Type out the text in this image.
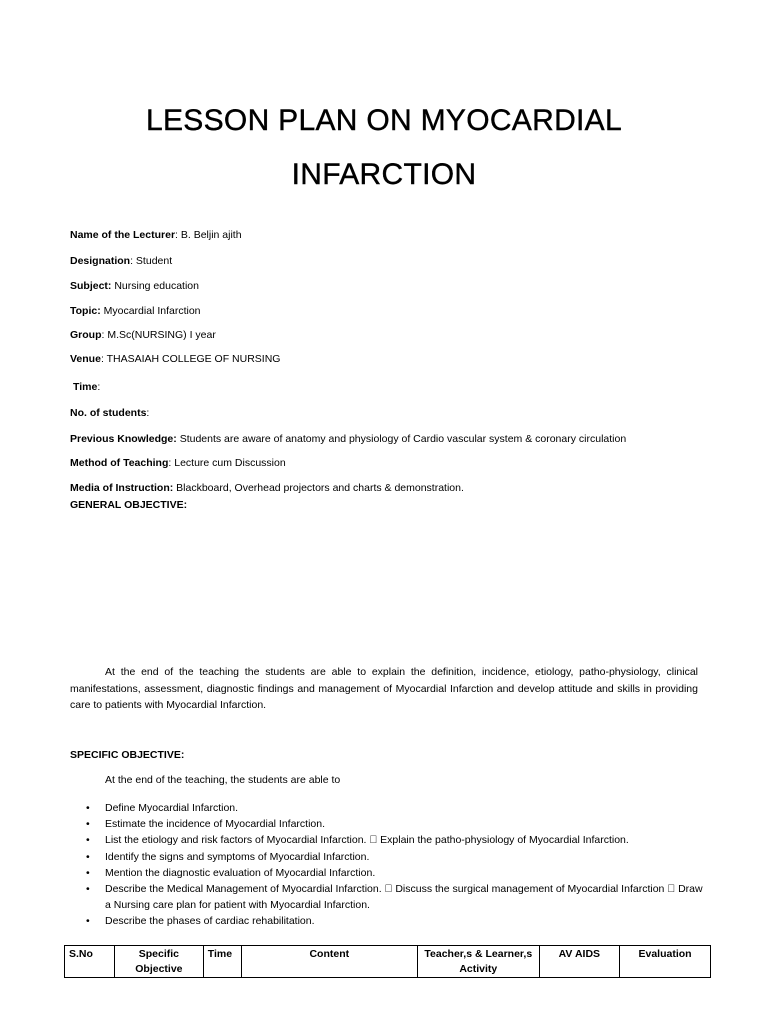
LESSON PLAN ON MYOCARDIAL
INFARCTION
Name of the Lecturer: B. Beljin ajith
Designation: Student
Subject: Nursing education
Topic: Myocardial Infarction
Group: M.Sc(NURSING) I year
Venue: THASAIAH COLLEGE OF NURSING
Time:
No. of students:
Previous Knowledge: Students are aware of anatomy and physiology of Cardio vascular system & coronary circulation
Method of Teaching: Lecture cum Discussion
Media of Instruction: Blackboard, Overhead projectors and charts & demonstration.
GENERAL OBJECTIVE:
At the end of the teaching the students are able to explain the definition, incidence, etiology, patho-physiology, clinical manifestations, assessment, diagnostic findings and management of Myocardial Infarction and develop attitude and skills in providing care to patients with Myocardial Infarction.
SPECIFIC OBJECTIVE:
At the end of the teaching, the students are able to
• Define Myocardial Infarction.
• Estimate the incidence of Myocardial Infarction.
• List the etiology and risk factors of Myocardial Infarction. Explain the patho-physiology of Myocardial Infarction.
• Identify the signs and symptoms of Myocardial Infarction.
• Mention the diagnostic evaluation of Myocardial Infarction.
• Describe the Medical Management of Myocardial Infarction. Discuss the surgical management of Myocardial Infarction Draw a Nursing care plan for patient with Myocardial Infarction.
• Describe the phases of cardiac rehabilitation.
S.No	Specific Objective	Time	Content	Teacher,s & Learner,s Activity	AV AIDS	Evaluation
